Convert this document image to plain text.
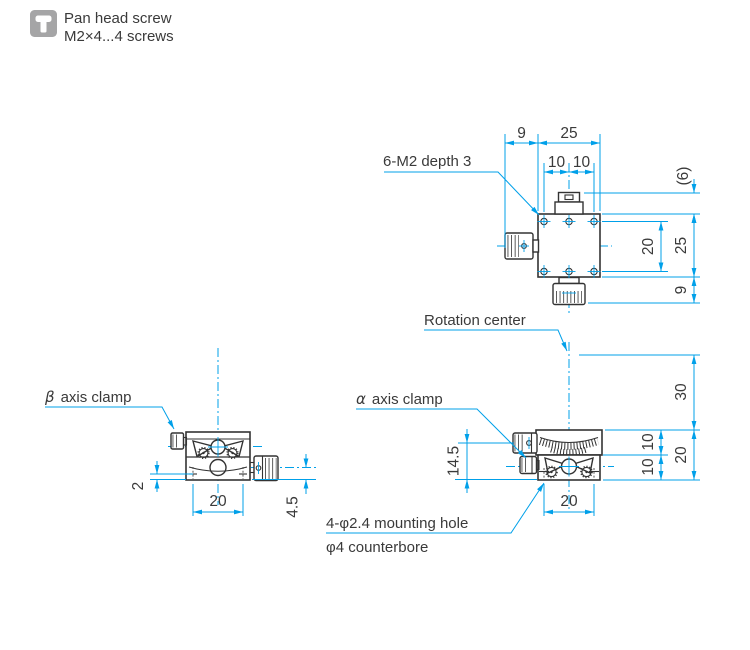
Pan head screw
M2×4...4 screws
9 25
10 10
(6)
20 25
9
6-M2 depth 3
Rotation center
30
10
10
20
14.5
20
α axis clamp
4-φ2.4 mounting hole
φ4 counterbore
2
20	4.5
β axis clamp
